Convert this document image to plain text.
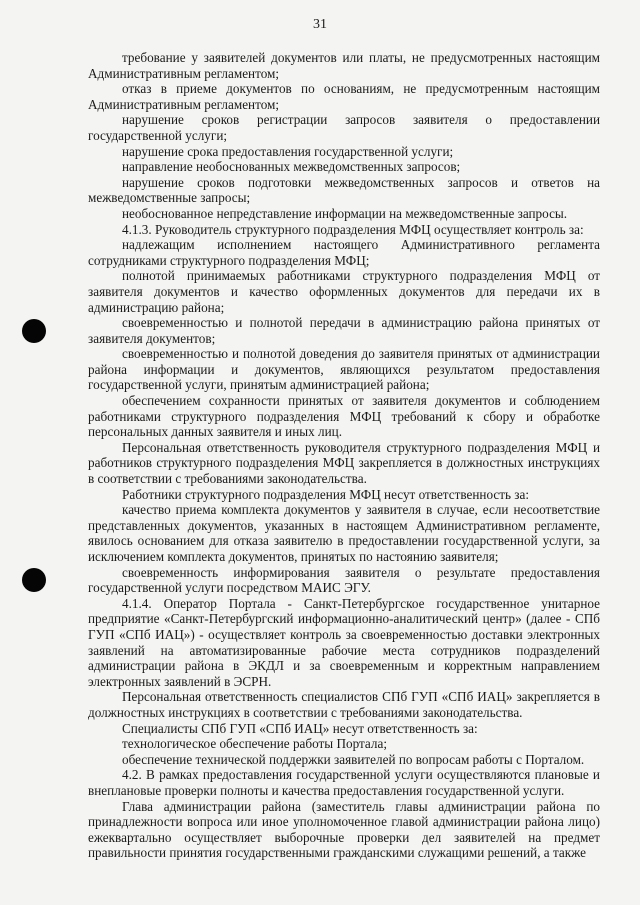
31

требование у заявителей документов или платы, не предусмотренных настоящим Административным регламентом;

отказ в приеме документов по основаниям, не предусмотренным настоящим Административным регламентом;

нарушение сроков регистрации запросов заявителя о предоставлении государственной услуги;

нарушение срока предоставления государственной услуги;

направление необоснованных межведомственных запросов;

нарушение сроков подготовки межведомственных запросов и ответов на межведомственные запросы;

необоснованное непредставление информации на межведомственные запросы.

4.1.3. Руководитель структурного подразделения МФЦ осуществляет контроль за:

надлежащим исполнением настоящего Административного регламента сотрудниками структурного подразделения МФЦ;

полнотой принимаемых работниками структурного подразделения МФЦ от заявителя документов и качество оформленных документов для передачи их в администрацию района;

своевременностью и полнотой передачи в администрацию района принятых от заявителя документов;

своевременностью и полнотой доведения до заявителя принятых от администрации района информации и документов, являющихся результатом предоставления государственной услуги, принятым администрацией района;

обеспечением сохранности принятых от заявителя документов и соблюдением работниками структурного подразделения МФЦ требований к сбору и обработке персональных данных заявителя и иных лиц.

Персональная ответственность руководителя структурного подразделения МФЦ и работников структурного подразделения МФЦ закрепляется в должностных инструкциях в соответствии с требованиями законодательства.

Работники структурного подразделения МФЦ несут ответственность за:

качество приема комплекта документов у заявителя в случае, если несоответствие представленных документов, указанных в настоящем Административном регламенте, явилось основанием для отказа заявителю в предоставлении государственной услуги, за исключением комплекта документов, принятых по настоянию заявителя;

своевременность информирования заявителя о результате предоставления государственной услуги посредством МАИС ЭГУ.

4.1.4. Оператор Портала - Санкт-Петербургское государственное унитарное предприятие «Санкт-Петербургский информационно-аналитический центр» (далее - СПб ГУП «СПб ИАЦ») - осуществляет контроль за своевременностью доставки электронных заявлений на автоматизированные рабочие места сотрудников подразделений администрации района в ЭКДЛ и за своевременным и корректным направлением электронных заявлений в ЭСРН.

Персональная ответственность специалистов СПб ГУП «СПб ИАЦ» закрепляется в должностных инструкциях в соответствии с требованиями законодательства.

Специалисты СПб ГУП «СПб ИАЦ» несут ответственность за:

технологическое обеспечение работы Портала;

обеспечение технической поддержки заявителей по вопросам работы с Порталом.

4.2. В рамках предоставления государственной услуги осуществляются плановые и внеплановые проверки полноты и качества предоставления государственной услуги.

Глава администрации района (заместитель главы администрации района по принадлежности вопроса или иное уполномоченное главой администрации района лицо) ежеквартально осуществляет выборочные проверки дел заявителей на предмет правильности принятия государственными гражданскими служащими решений, а также
